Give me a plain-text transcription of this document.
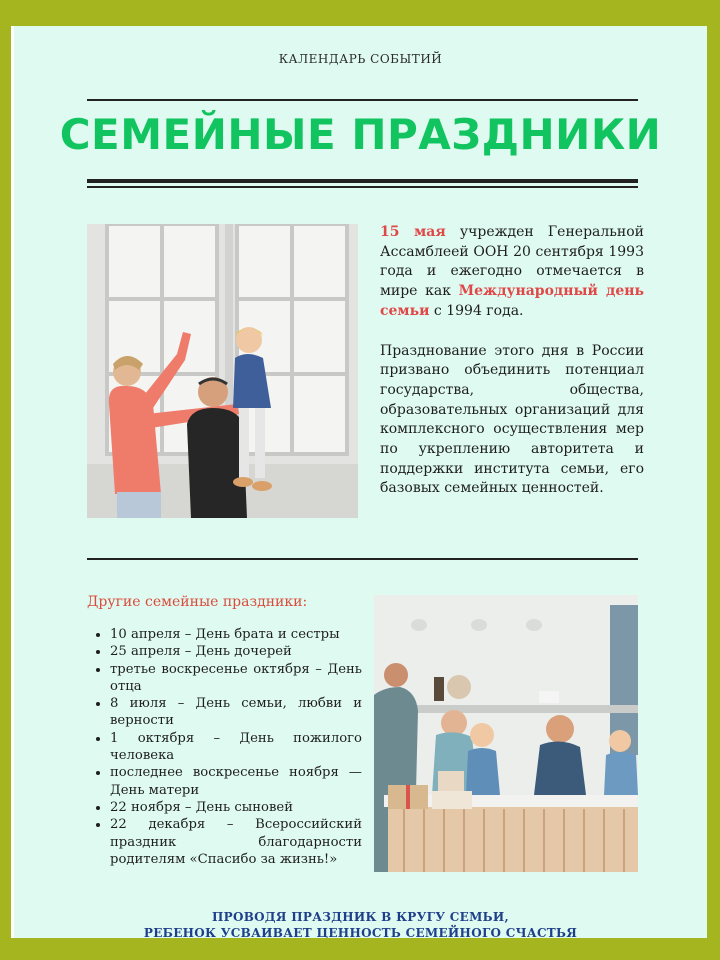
КАЛЕНДАРЬ СОБЫТИЙ
СЕМЕЙНЫЕ ПРАЗДНИКИ

15 мая учрежден Генеральной Ассамблеей ООН 20 сентября 1993 года и ежегодно отмечается в мире как Международный день семьи с 1994 года.

Празднование этого дня в России призвано объединить потенциал государства, общества, образовательных организаций для комплексного осуществления мер по укреплению авторитета и поддержки института семьи, его базовых семейных ценностей.

Другие семейные праздники:
• 10 апреля – День брата и сестры
• 25 апреля – День дочерей
• третье воскресенье октября – День отца
• 8 июля – День семьи, любви и верности
• 1 октября – День пожилого человека
• последнее воскресенье ноября — День матери
• 22 ноября – День сыновей
• 22 декабря – Всероссийский праздник благодарности родителям «Спасибо за жизнь!»
ПРОВОДЯ ПРАЗДНИК В КРУГУ СЕМЬИ,
РЕБЕНОК УСВАИВАЕТ ЦЕННОСТЬ СЕМЕЙНОГО СЧАСТЬЯ
